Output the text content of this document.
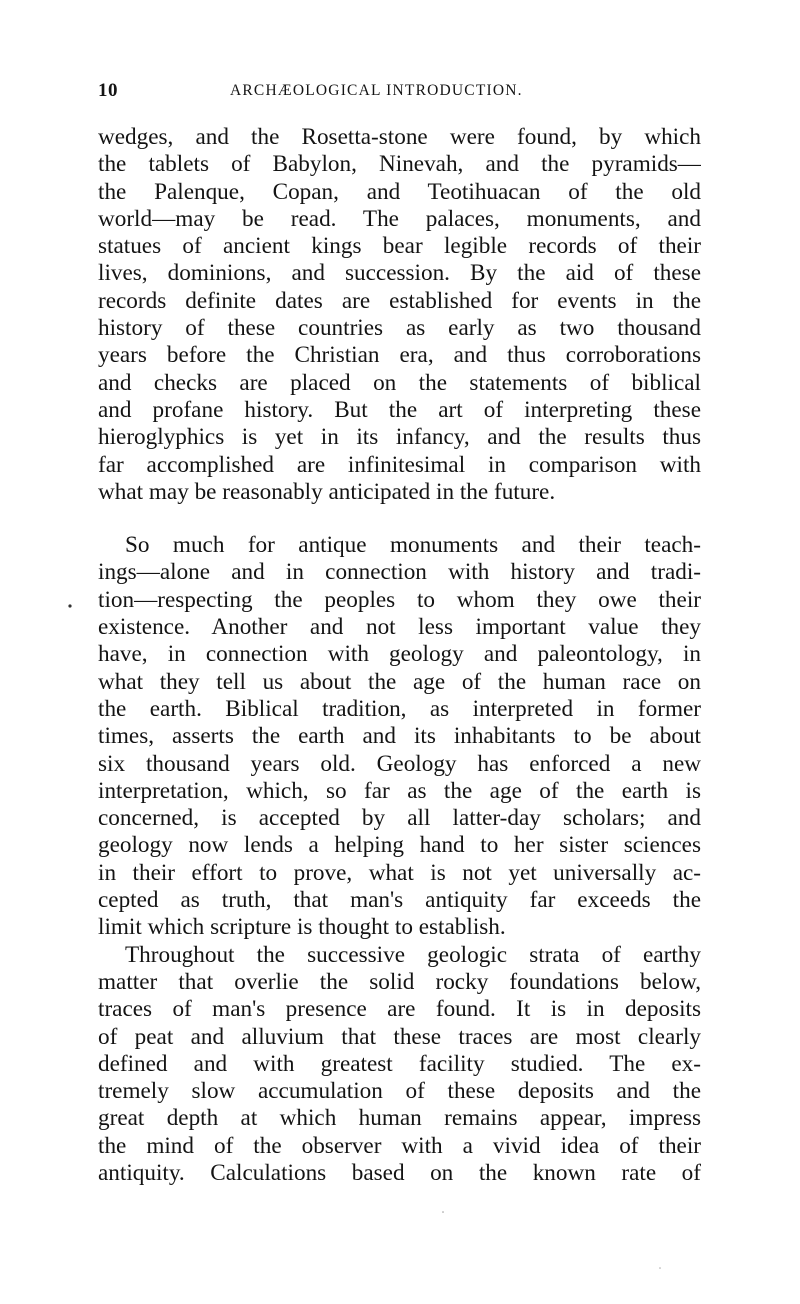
10	ARCHÆOLOGICAL INTRODUCTION.

wedges, and the Rosetta-stone were found, by which
the tablets of Babylon, Ninevah, and the pyramids—
the Palenque, Copan, and Teotihuacan of the old
world—may be read. The palaces, monuments, and
statues of ancient kings bear legible records of their
lives, dominions, and succession. By the aid of these
records definite dates are established for events in the
history of these countries as early as two thousand
years before the Christian era, and thus corroborations
and checks are placed on the statements of biblical
and profane history. But the art of interpreting these
hieroglyphics is yet in its infancy, and the results thus
far accomplished are infinitesimal in comparison with
what may be reasonably anticipated in the future.

So much for antique monuments and their teach-
ings—alone and in connection with history and tradi-
tion—respecting the peoples to whom they owe their
existence. Another and not less important value they
have, in connection with geology and paleontology, in
what they tell us about the age of the human race on
the earth. Biblical tradition, as interpreted in former
times, asserts the earth and its inhabitants to be about
six thousand years old. Geology has enforced a new
interpretation, which, so far as the age of the earth is
concerned, is accepted by all latter-day scholars; and
geology now lends a helping hand to her sister sciences
in their effort to prove, what is not yet universally ac-
cepted as truth, that man's antiquity far exceeds the
limit which scripture is thought to establish.

Throughout the successive geologic strata of earthy
matter that overlie the solid rocky foundations below,
traces of man's presence are found. It is in deposits
of peat and alluvium that these traces are most clearly
defined and with greatest facility studied. The ex-
tremely slow accumulation of these deposits and the
great depth at which human remains appear, impress
the mind of the observer with a vivid idea of their
antiquity. Calculations based on the known rate of
